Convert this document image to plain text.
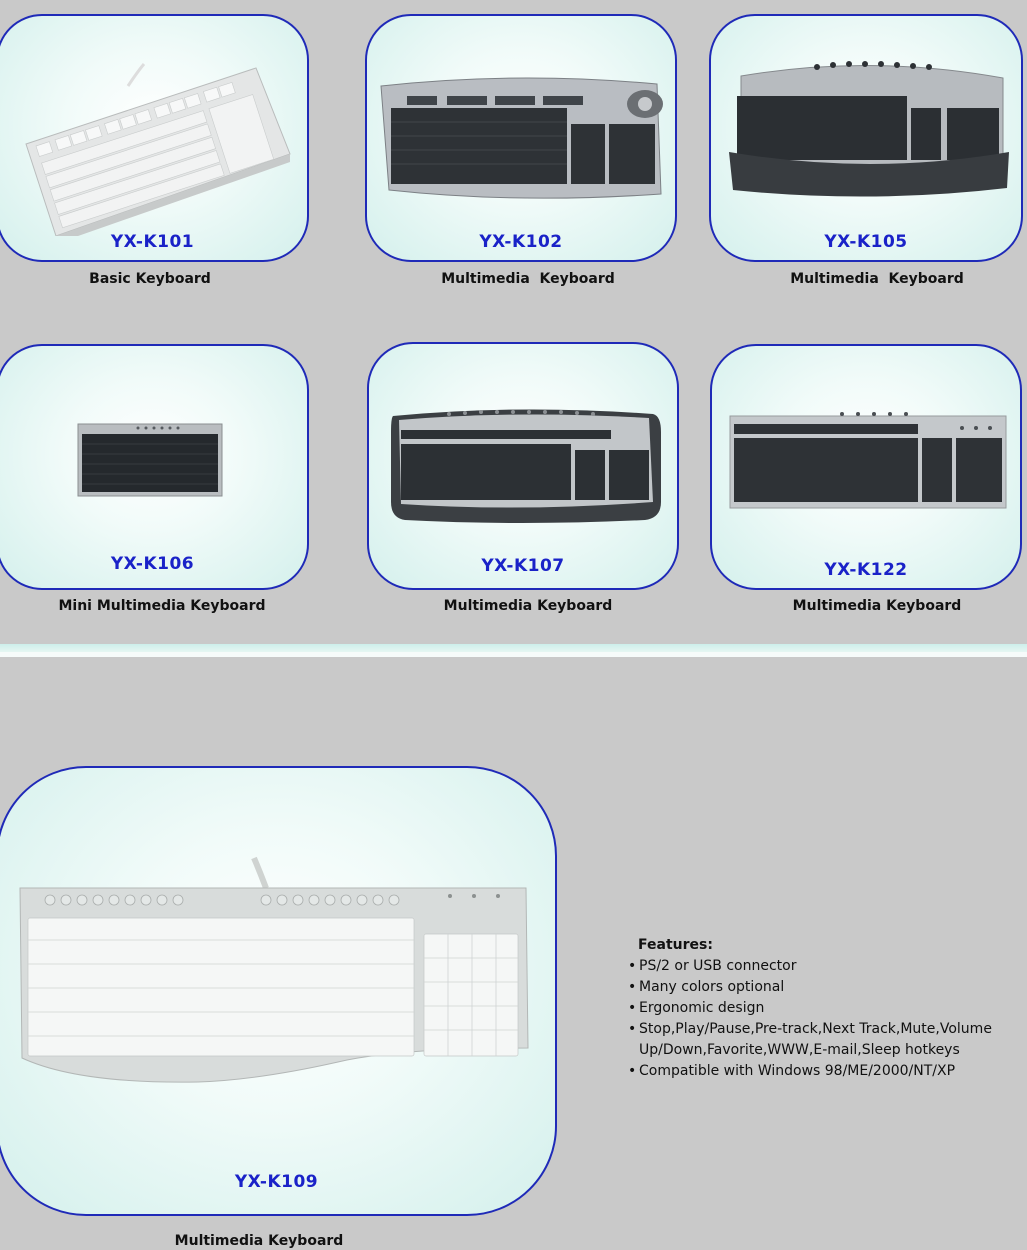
YX-K101
Basic Keyboard
YX-K102
Multimedia  Keyboard
YX-K105
Multimedia  Keyboard
YX-K106
Mini Multimedia Keyboard
YX-K107
Multimedia Keyboard
YX-K122
Multimedia Keyboard
YX-K109
Multimedia Keyboard
Features:
• PS/2 or USB connector
• Many colors optional
• Ergonomic design
• Stop,Play/Pause,Pre-track,Next Track,Mute,Volume Up/Down,Favorite,WWW,E-mail,Sleep hotkeys
• Compatible with Windows 98/ME/2000/NT/XP
